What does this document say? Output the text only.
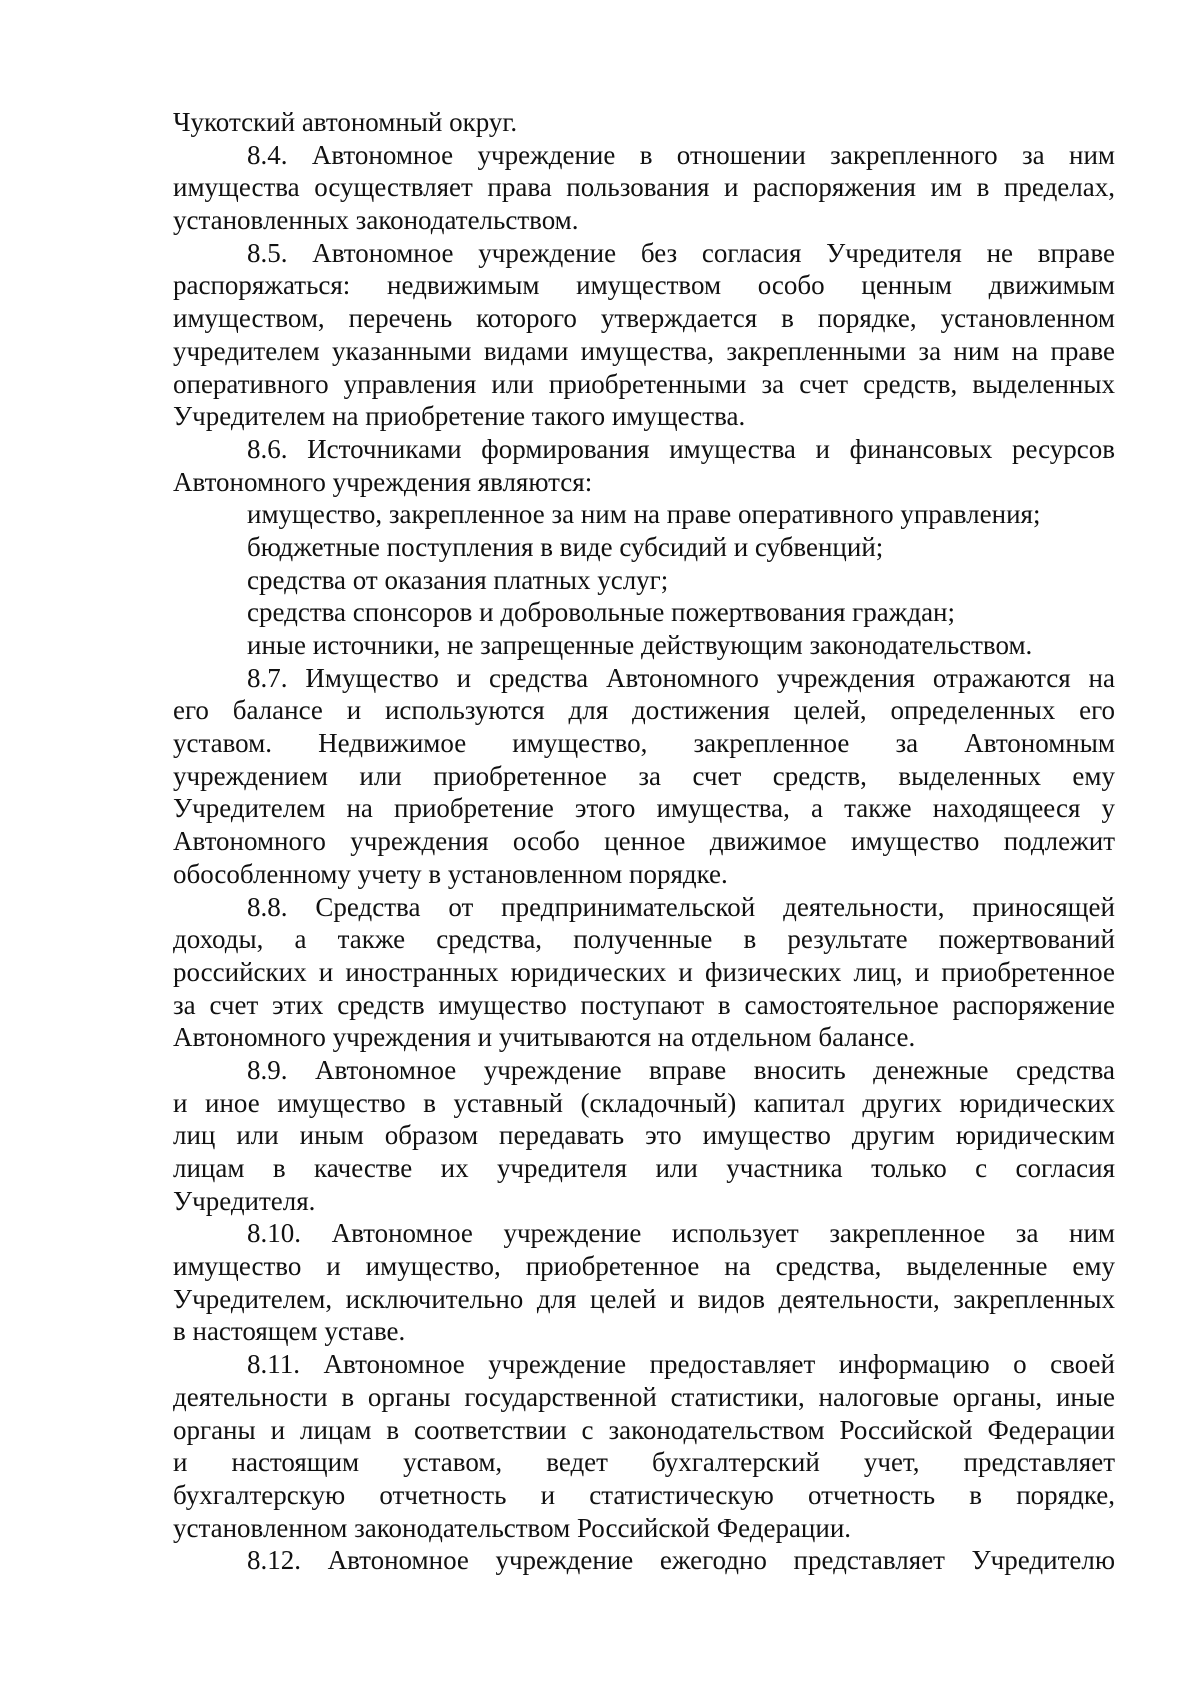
Чукотский автономный округ.
8.4. Автономное учреждение в отношении закрепленного за ним
имущества осуществляет права пользования и распоряжения им в пределах,
установленных законодательством.
8.5. Автономное учреждение без согласия Учредителя не вправе
распоряжаться: недвижимым имуществом особо ценным движимым
имуществом, перечень которого утверждается в порядке, установленном
учредителем указанными видами имущества, закрепленными за ним на праве
оперативного управления или приобретенными за счет средств, выделенных
Учредителем на приобретение такого имущества.
8.6. Источниками формирования имущества и финансовых ресурсов
Автономного учреждения являются:
имущество, закрепленное за ним на праве оперативного управления;
бюджетные поступления в виде субсидий и субвенций;
средства от оказания платных услуг;
средства спонсоров и добровольные пожертвования граждан;
иные источники, не запрещенные действующим законодательством.
8.7. Имущество и средства Автономного учреждения отражаются на
его балансе и используются для достижения целей, определенных его
уставом. Недвижимое имущество, закрепленное за Автономным
учреждением или приобретенное за счет средств, выделенных ему
Учредителем на приобретение этого имущества, а также находящееся у
Автономного учреждения особо ценное движимое имущество подлежит
обособленному учету в установленном порядке.
8.8. Средства от предпринимательской деятельности, приносящей
доходы, а также средства, полученные в результате пожертвований
российских и иностранных юридических и физических лиц, и приобретенное
за счет этих средств имущество поступают в самостоятельное распоряжение
Автономного учреждения и учитываются на отдельном балансе.
8.9. Автономное учреждение вправе вносить денежные средства
и иное имущество в уставный (складочный) капитал других юридических
лиц или иным образом передавать это имущество другим юридическим
лицам в качестве их учредителя или участника только с согласия
Учредителя.
8.10. Автономное учреждение использует закрепленное за ним
имущество и имущество, приобретенное на средства, выделенные ему
Учредителем, исключительно для целей и видов деятельности, закрепленных
в настоящем уставе.
8.11. Автономное учреждение предоставляет информацию о своей
деятельности в органы государственной статистики, налоговые органы, иные
органы и лицам в соответствии с законодательством Российской Федерации
и настоящим уставом, ведет бухгалтерский учет, представляет
бухгалтерскую отчетность и статистическую отчетность в порядке,
установленном законодательством Российской Федерации.
8.12. Автономное учреждение ежегодно представляет Учредителю
